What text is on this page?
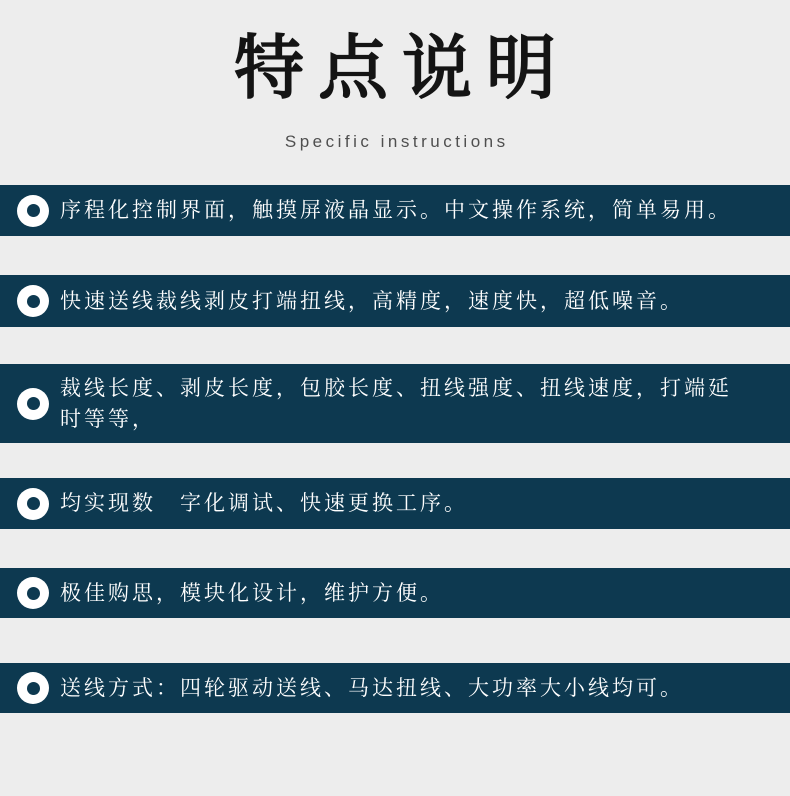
特点说明
Specific instructions
序程化控制界面，触摸屏液晶显示。中文操作系统，简单易用。
快速送线裁线剥皮打端扭线，高精度，速度快，超低噪音。
裁线长度、剥皮长度，包胶长度、扭线强度、扭线速度，打端延时等等，
均实现数　字化调试、快速更换工序。
极佳购思，模块化设计，维护方便。
送线方式：四轮驱动送线、马达扭线、大功率大小线均可。
